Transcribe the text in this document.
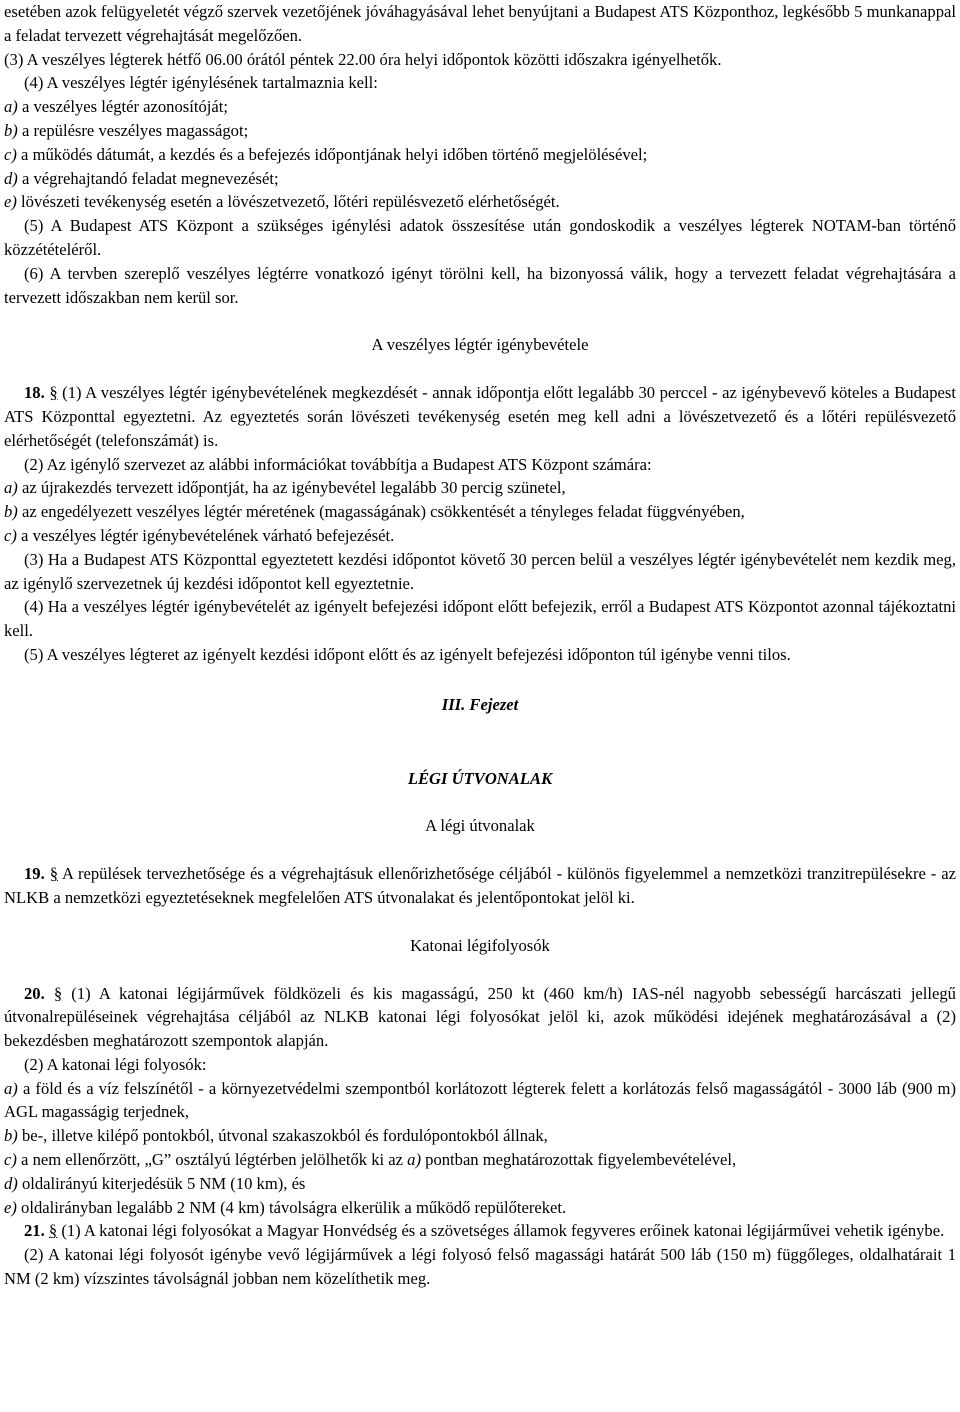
esetében azok felügyeletét végző szervek vezetőjének jóváhagyásával lehet benyújtani a Budapest ATS Központhoz, legkésőbb 5 munkanappal a feladat tervezett végrehajtását megelőzően.

(3) A veszélyes légterek hétfő 06.00 órától péntek 22.00 óra helyi időpontok közötti időszakra igényelhetők.

(4) A veszélyes légtér igénylésének tartalmaznia kell:

a) a veszélyes légtér azonosítóját;

b) a repülésre veszélyes magasságot;

c) a működés dátumát, a kezdés és a befejezés időpontjának helyi időben történő megjelölésével;

d) a végrehajtandó feladat megnevezését;

e) lövészeti tevékenység esetén a lövészetvezető, lőtéri repülésvezető elérhetőségét.

(5) A Budapest ATS Központ a szükséges igénylési adatok összesítése után gondoskodik a veszélyes légterek NOTAM-ban történő közzétételéről.

(6) A tervben szereplő veszélyes légtérre vonatkozó igényt törölni kell, ha bizonyossá válik, hogy a tervezett feladat végrehajtására a tervezett időszakban nem kerül sor.

A veszélyes légtér igénybevétele

18. § (1) A veszélyes légtér igénybevételének megkezdését - annak időpontja előtt legalább 30 perccel - az igénybevevő köteles a Budapest ATS Központtal egyeztetni. Az egyeztetés során lövészeti tevékenység esetén meg kell adni a lövészetvezető és a lőtéri repülésvezető elérhetőségét (telefonszámát) is.

(2) Az igénylő szervezet az alábbi információkat továbbítja a Budapest ATS Központ számára:

a) az újrakezdés tervezett időpontját, ha az igénybevétel legalább 30 percig szünetel,

b) az engedélyezett veszélyes légtér méretének (magasságának) csökkentését a tényleges feladat függvényében,

c) a veszélyes légtér igénybevételének várható befejezését.

(3) Ha a Budapest ATS Központtal egyeztetett kezdési időpontot követő 30 percen belül a veszélyes légtér igénybevételét nem kezdik meg, az igénylő szervezetnek új kezdési időpontot kell egyeztetnie.

(4) Ha a veszélyes légtér igénybevételét az igényelt befejezési időpont előtt befejezik, erről a Budapest ATS Központot azonnal tájékoztatni kell.

(5) A veszélyes légteret az igényelt kezdési időpont előtt és az igényelt befejezési időponton túl igénybe venni tilos.

III. Fejezet

LÉGI ÚTVONALAK

A légi útvonalak

19. § A repülések tervezhetősége és a végrehajtásuk ellenőrizhetősége céljából - különös figyelemmel a nemzetközi tranzitrepülésekre - az NLKB a nemzetközi egyeztetéseknek megfelelően ATS útvonalakat és jelentőpontokat jelöl ki.

Katonai légifolyosók

20. § (1) A katonai légijárművek földközeli és kis magasságú, 250 kt (460 km/h) IAS-nél nagyobb sebességű harcászati jellegű útvonalrepüléseinek végrehajtása céljából az NLKB katonai légi folyosókat jelöl ki, azok működési idejének meghatározásával a (2) bekezdésben meghatározott szempontok alapján.

(2) A katonai légi folyosók:

a) a föld és a víz felszínétől - a környezetvédelmi szempontból korlátozott légterek felett a korlátozás felső magasságától - 3000 láb (900 m) AGL magasságig terjednek,

b) be-, illetve kilépő pontokból, útvonal szakaszokból és fordulópontokból állnak,

c) a nem ellenőrzött, „G” osztályú légtérben jelölhetők ki az a) pontban meghatározottak figyelembevételével,

d) oldalirányú kiterjedésük 5 NM (10 km), és

e) oldalirányban legalább 2 NM (4 km) távolságra elkerülik a működő repülőtereket.

21. § (1) A katonai légi folyosókat a Magyar Honvédség és a szövetséges államok fegyveres erőinek katonai légijárművei vehetik igénybe.

(2) A katonai légi folyosót igénybe vevő légijárművek a légi folyosó felső magassági határát 500 láb (150 m) függőleges, oldalhatárait 1 NM (2 km) vízszintes távolságnál jobban nem közelíthetik meg.
